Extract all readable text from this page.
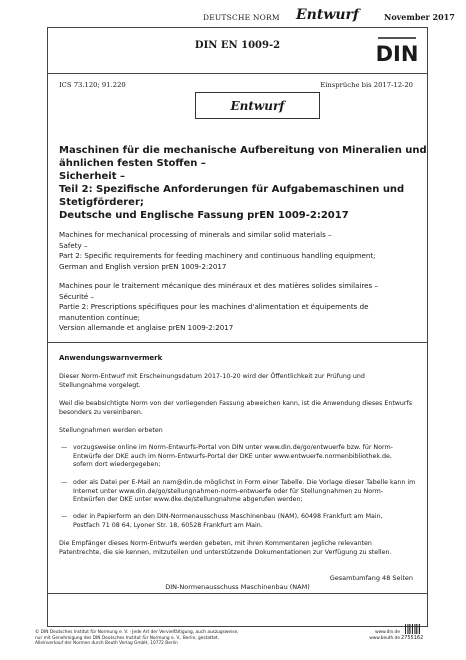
DEUTSCHE NORM Entwurf	November 2017
DIN EN 1009-2	DIN
ICS 73.120; 91.220	Einsprüche bis 2017-12-20
Entwurf
Maschinen für die mechanische Aufbereitung von Mineralien und
ähnlichen festen Stoffen –
Sicherheit –
Teil 2: Spezifische Anforderungen für Aufgabemaschinen und
Stetigförderer;
Deutsche und Englische Fassung prEN 1009-2:2017
Machines for mechanical processing of minerals and similar solid materials –
Safety –
Part 2: Specific requirements for feeding machinery and continuous handling equipment;
German and English version prEN 1009-2:2017
Machines pour le traitement mécanique des minéraux et des matières solides similaires –
Sécurité –
Partie 2: Prescriptions spécifiques pour les machines d'alimentation et équipements de
manutention continue;
Version allemande et anglaise prEN 1009-2:2017
Anwendungswarnvermerk
Dieser Norm-Entwurf mit Erscheinungsdatum 2017-10-20 wird der Öffentlichkeit zur Prüfung und
Stellungnahme vorgelegt.
Weil die beabsichtigte Norm von der vorliegenden Fassung abweichen kann, ist die Anwendung dieses Entwurfs
besonders zu vereinbaren.
Stellungnahmen werden erbeten
— vorzugsweise online im Norm-Entwurfs-Portal von DIN unter www.din.de/go/entwuerfe bzw. für Norm-
Entwürfe der DKE auch im Norm-Entwurfs-Portal der DKE unter www.entwuerfe.normenbibliothek.de,
sofern dort wiedergegeben;
— oder als Datei per E-Mail an nam@din.de möglichst in Form einer Tabelle. Die Vorlage dieser Tabelle kann im
Internet unter www.din.de/go/stellungnahmen-norm-entwuerfe oder für Stellungnahmen zu Norm-
Entwürfen der DKE unter www.dke.de/stellungnahme abgerufen werden;
— oder in Papierform an den DIN-Normenausschuss Maschinenbau (NAM), 60498 Frankfurt am Main,
Postfach 71 08 64, Lyoner Str. 18, 60528 Frankfurt am Main.
Die Empfänger dieses Norm-Entwurfs werden gebeten, mit ihren Kommentaren jegliche relevanten
Patentrechte, die sie kennen, mitzuteilen und unterstützende Dokumentationen zur Verfügung zu stellen.
Gesamtumfang 48 Seiten
DIN-Normenausschuss Maschinenbau (NAM)
© DIN Deutsches Institut für Normung e. V. · Jede Art der Vervielfältigung, auch auszugsweise,
nur mit Genehmigung des DIN Deutsches Institut für Normung e. V., Berlin, gestattet.
Alleinverkauf der Normen durch Beuth Verlag GmbH, 10772 Berlin
www.din.de
www.beuth.de 2755162
